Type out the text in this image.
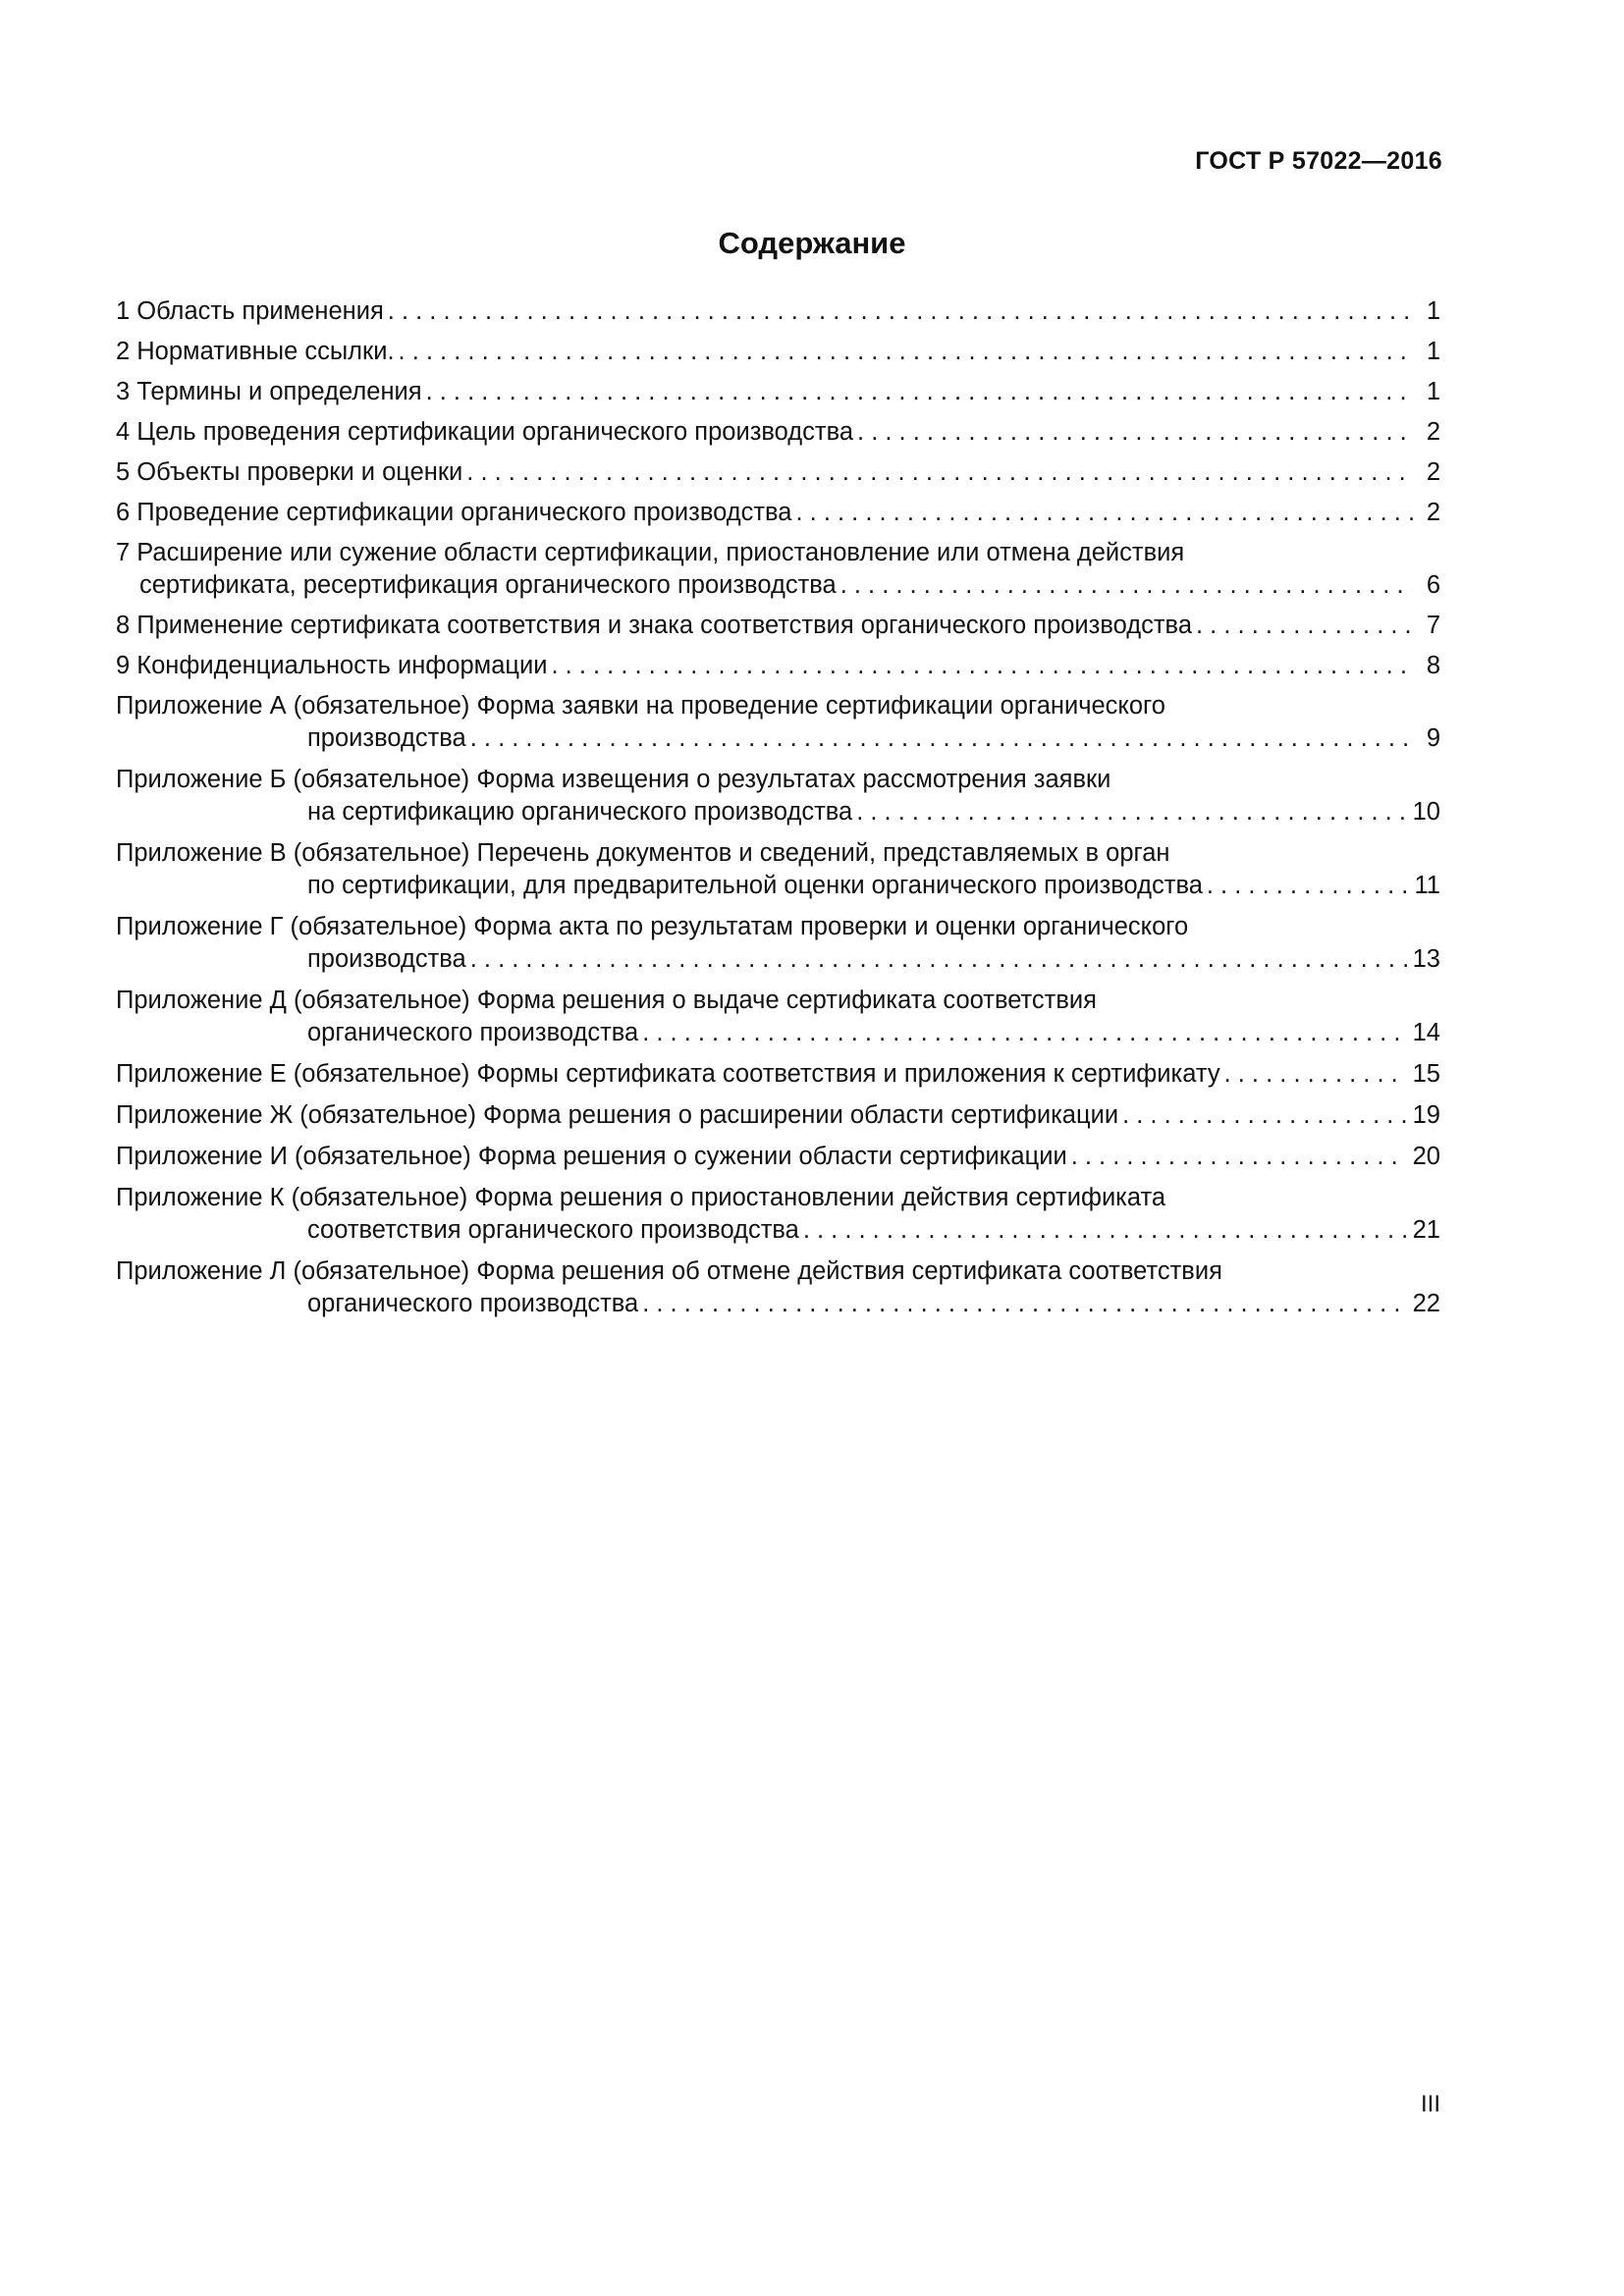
ГОСТ Р 57022—2016
Содержание
1 Область применения . . .	1
2 Нормативные ссылки. . . .	1
3 Термины и определения . . .	1
4 Цель проведения сертификации органического производства . . .	2
5 Объекты проверки и оценки . . .	2
6 Проведение сертификации органического производства . . .	2
7 Расширение или сужение области сертификации, приостановление или отмена действия
сертификата, ресертификация органического производства . . .	6
8 Применение сертификата соответствия и знака соответствия органического производства . . .	7
9 Конфиденциальность информации . . .	8
Приложение А (обязательное) Форма заявки на проведение сертификации органического
производства . . .	9
Приложение Б (обязательное) Форма извещения о результатах рассмотрения заявки
на сертификацию органического производства . . .	10
Приложение В (обязательное) Перечень документов и сведений, представляемых в орган
по сертификации, для предварительной оценки органического производства . . .	11
Приложение Г (обязательное) Форма акта по результатам проверки и оценки органического
производства . . .	13
Приложение Д (обязательное) Форма решения о выдаче сертификата соответствия
органического производства . . .	14
Приложение Е (обязательное) Формы сертификата соответствия и приложения к сертификату . . .	15
Приложение Ж (обязательное) Форма решения о расширении области сертификации . . .	19
Приложение И (обязательное) Форма решения о сужении области сертификации . . .	20
Приложение К (обязательное) Форма решения о приостановлении действия сертификата
соответствия органического производства . . .	21
Приложение Л (обязательное) Форма решения об отмене действия сертификата соответствия
органического производства . . .	22
III
